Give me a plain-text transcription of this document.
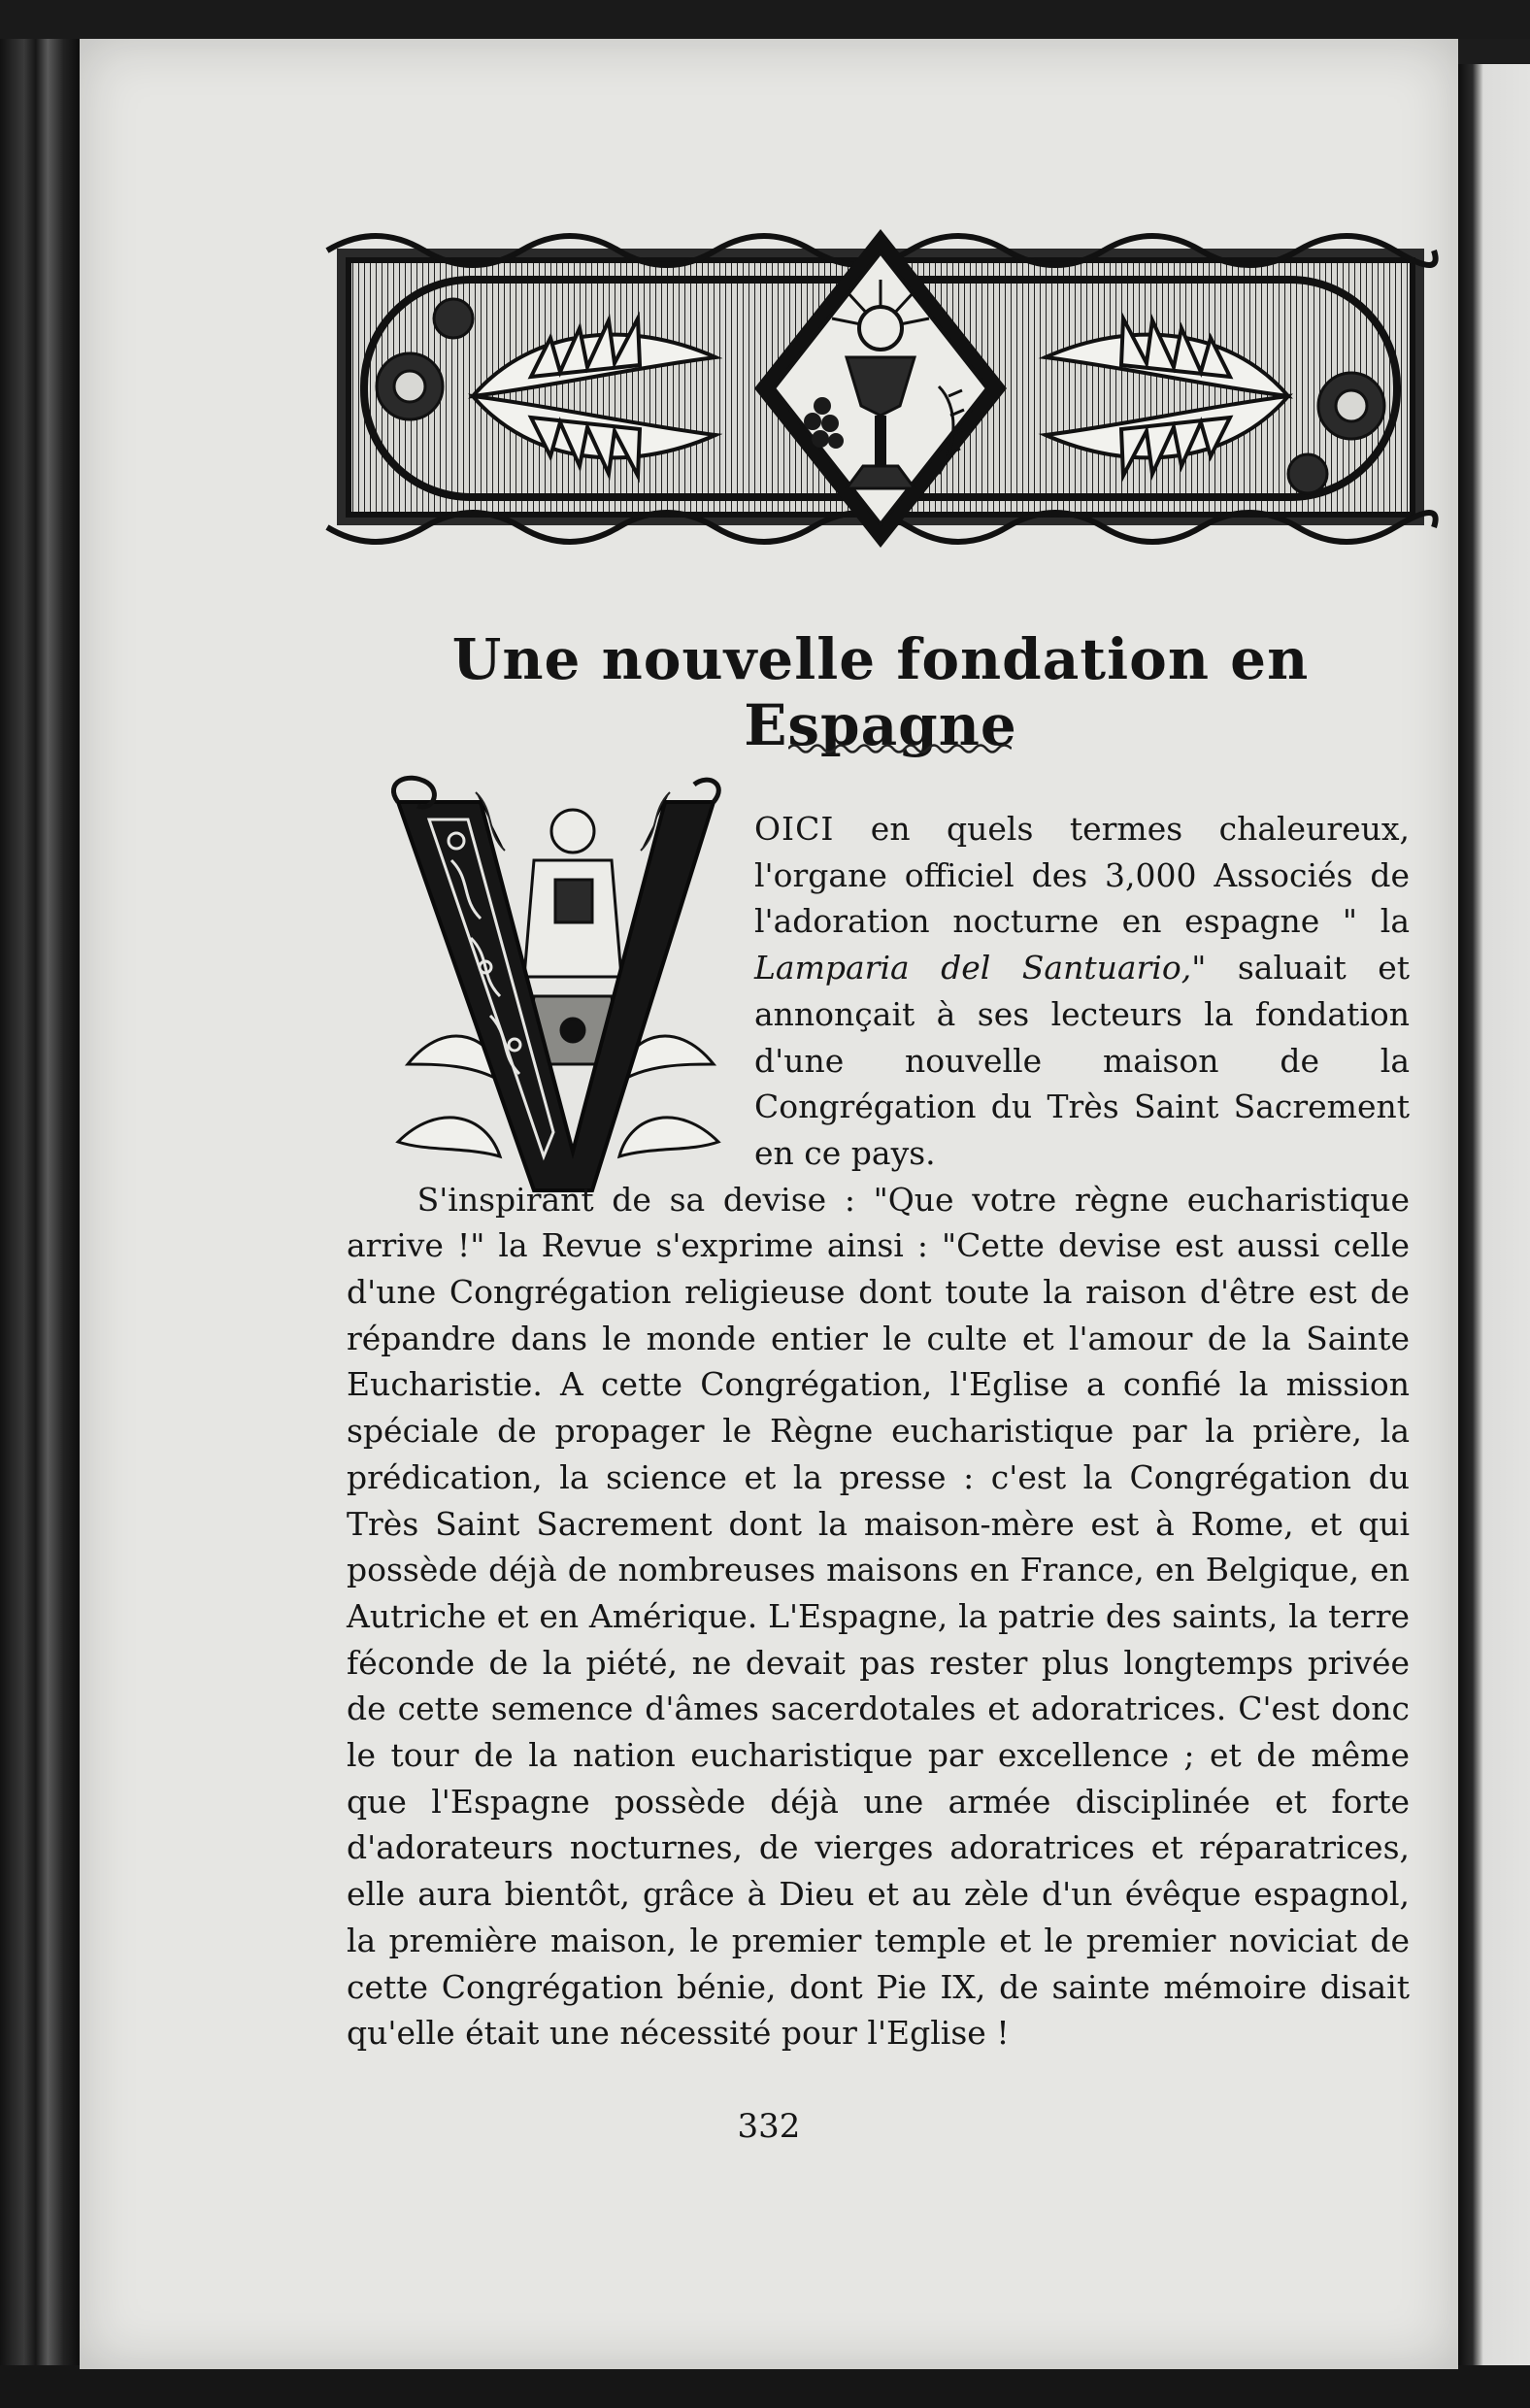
Une nouvelle fondation en Espagne

OICI en quels termes chaleureux, l'organe officiel des 3,000 Associés de l'adoration nocturne en espagne " la Lamparia del Santuario," saluait et annonçait à ses lecteurs la fondation d'une nouvelle maison de la Congrégation du Très Saint Sacrement en ce pays.

S'inspirant de sa devise : "Que votre règne eucharistique arrive !" la Revue s'exprime ainsi : "Cette devise est aussi celle d'une Congrégation religieuse dont toute la raison d'être est de répandre dans le monde entier le culte et l'amour de la Sainte Eucharistie. A cette Congrégation, l'Eglise a confié la mission spéciale de propager le Règne eucharistique par la prière, la prédication, la science et la presse : c'est la Congrégation du Très Saint Sacrement dont la maison-mère est à Rome, et qui possède déjà de nombreuses maisons en France, en Belgique, en Autriche et en Amérique. L'Espagne, la patrie des saints, la terre féconde de la piété, ne devait pas rester plus longtemps privée de cette semence d'âmes sacerdotales et adoratrices. C'est donc le tour de la nation eucharistique par excellence ; et de même que l'Espagne possède déjà une armée disciplinée et forte d'adorateurs nocturnes, de vierges adoratrices et réparatrices, elle aura bientôt, grâce à Dieu et au zèle d'un évêque espagnol, la première maison, le premier temple et le premier noviciat de cette Congrégation bénie, dont Pie IX, de sainte mémoire disait qu'elle était une nécessité pour l'Eglise !

332
